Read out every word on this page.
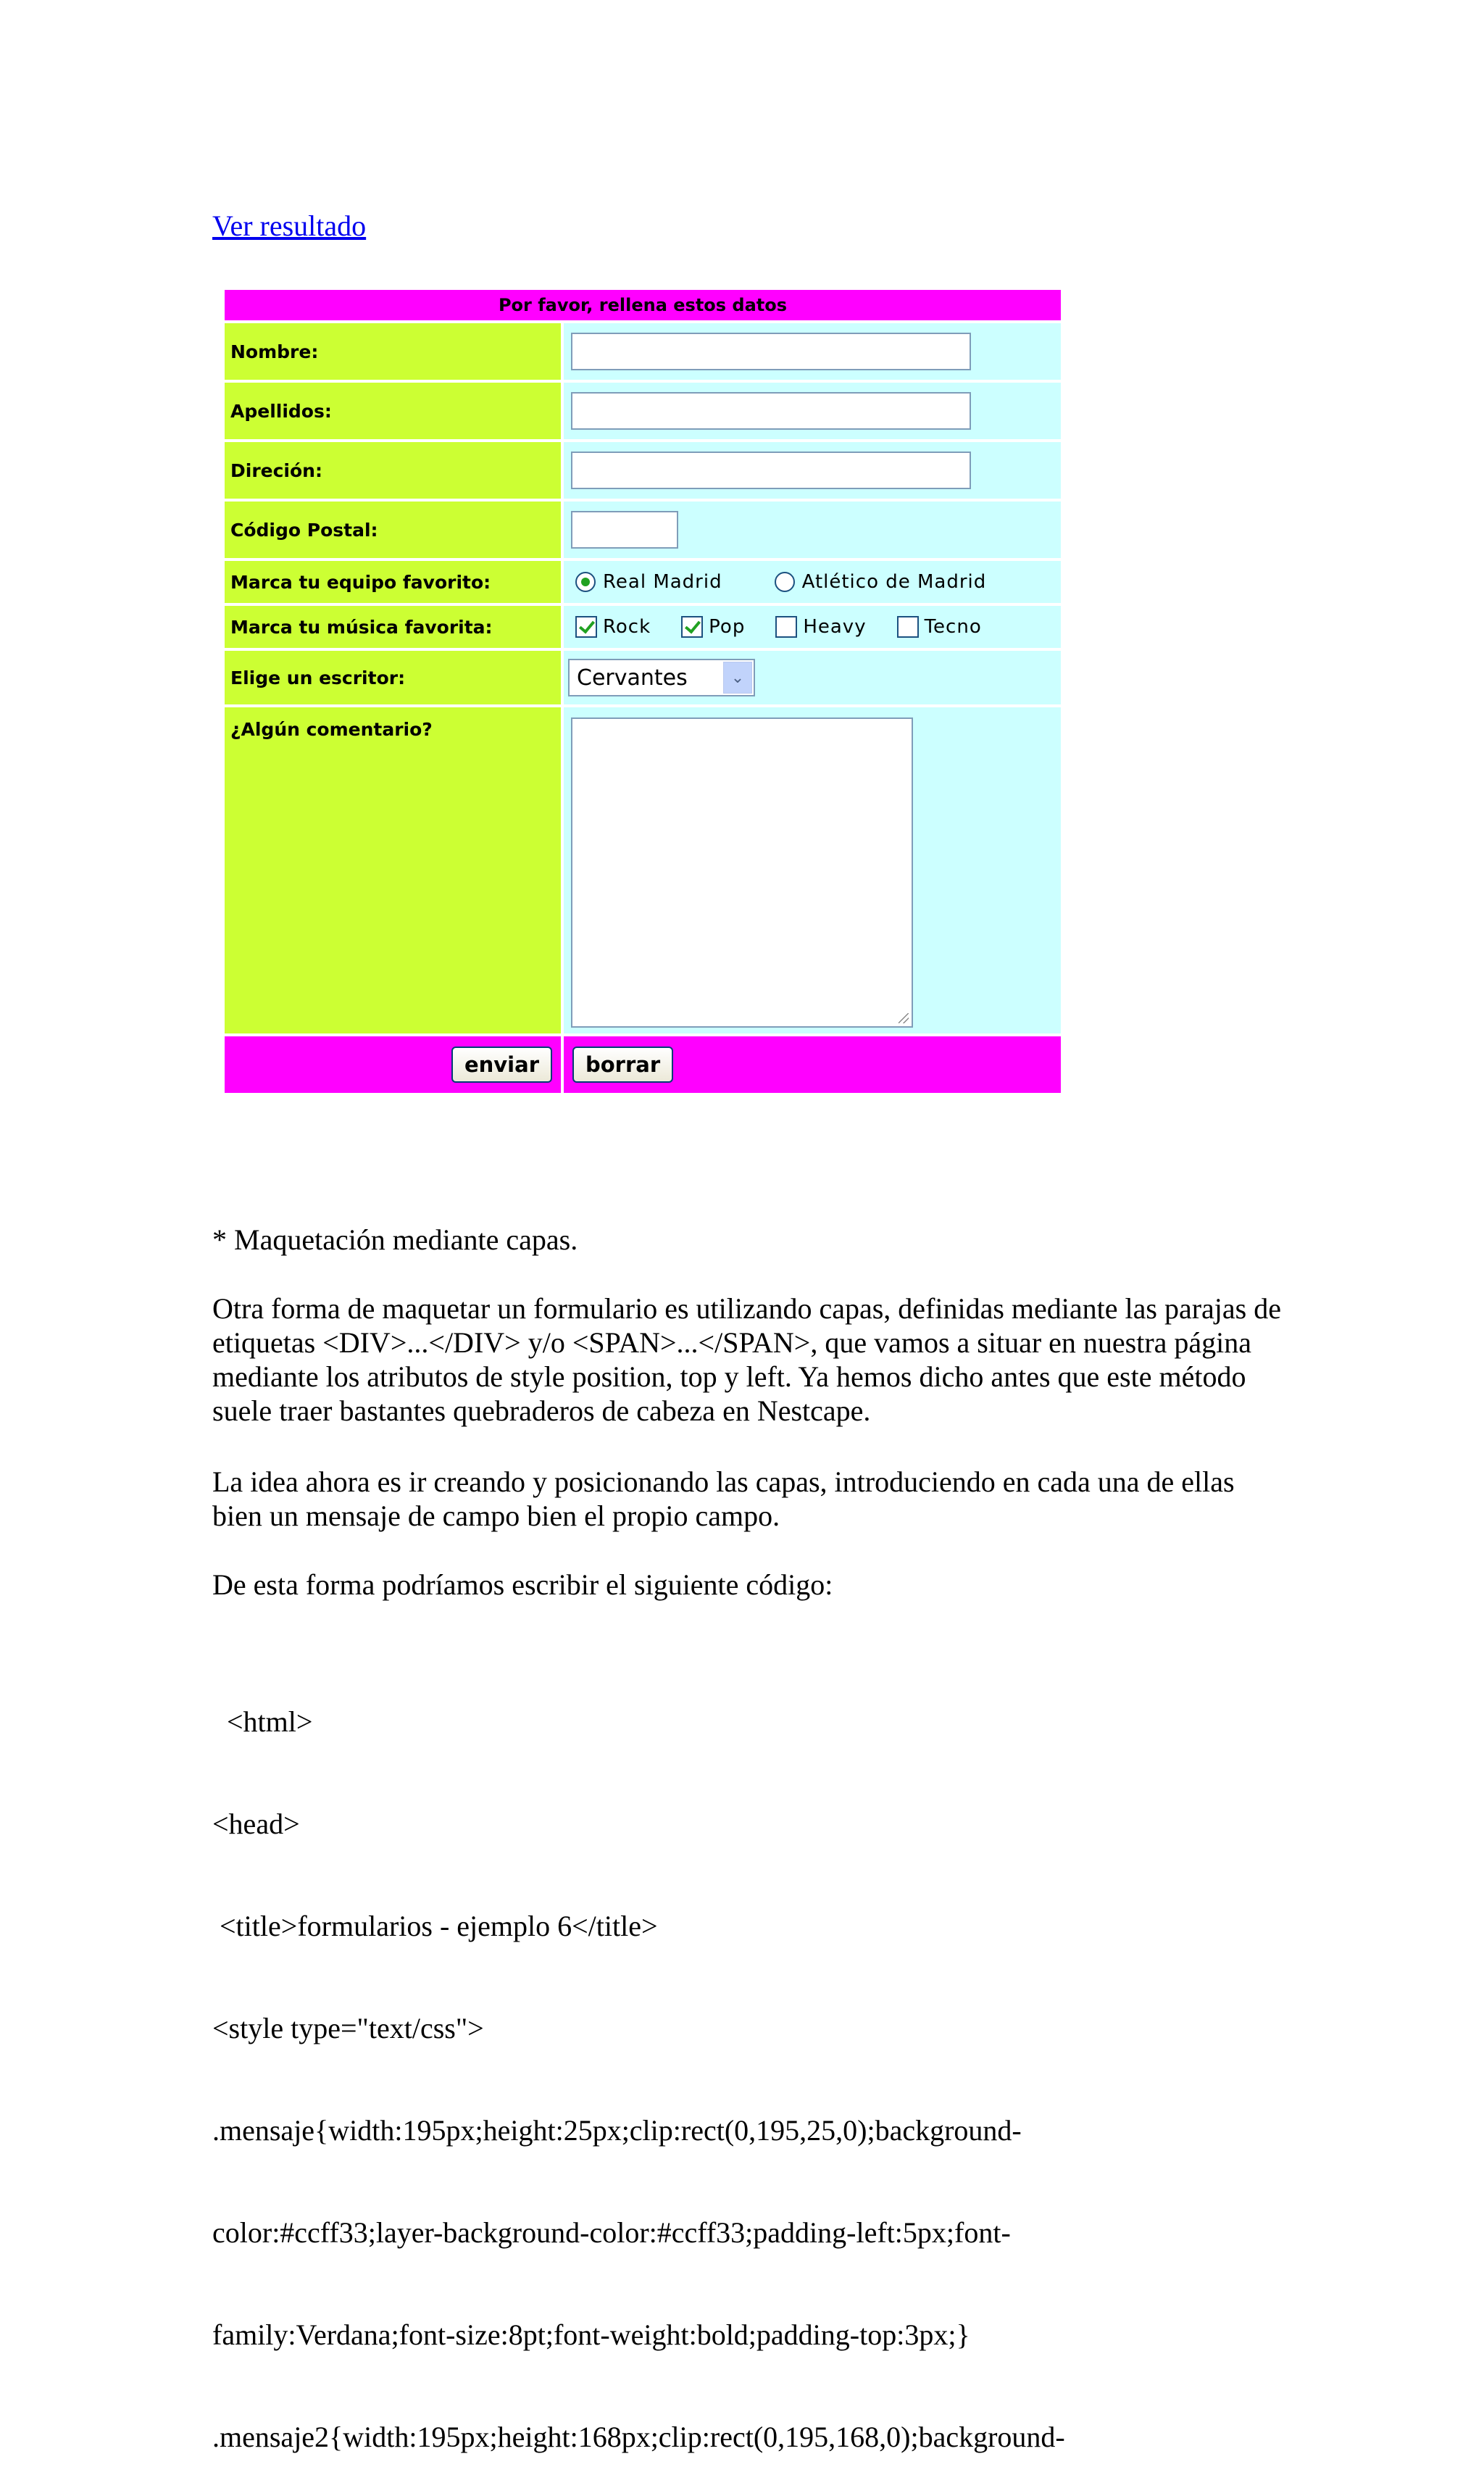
Ver resultado
Por favor, rellena estos datos
Nombre:
Apellidos:
Direción:
Código Postal:
Marca tu equipo favorito:	Real Madrid	Atlético de Madrid
Marca tu música favorita:	Rock	Pop	Heavy	Tecno
Elige un escritor:	Cervantes	⌄
¿Algún comentario?
enviar	borrar

* Maquetación mediante capas.

Otra forma de maquetar un formulario es utilizando capas, definidas mediante las parajas de etiquetas <DIV>...</DIV> y/o <SPAN>...</SPAN>, que vamos a situar en nuestra página mediante los atributos de style position, top y left. Ya hemos dicho antes que este método suele traer bastantes quebraderos de cabeza en Nestcape.

La idea ahora es ir creando y posicionando las capas, introduciendo en cada una de ellas bien un mensaje de campo bien el propio campo.

De esta forma podríamos escribir el siguiente código:

<html>

<head>

<title>formularios - ejemplo 6</title>

<style type="text/css">

.mensaje{width:195px;height:25px;clip:rect(0,195,25,0);background-

color:#ccff33;layer-background-color:#ccff33;padding-left:5px;font-

family:Verdana;font-size:8pt;font-weight:bold;padding-top:3px;}

.mensaje2{width:195px;height:168px;clip:rect(0,195,168,0);background-
